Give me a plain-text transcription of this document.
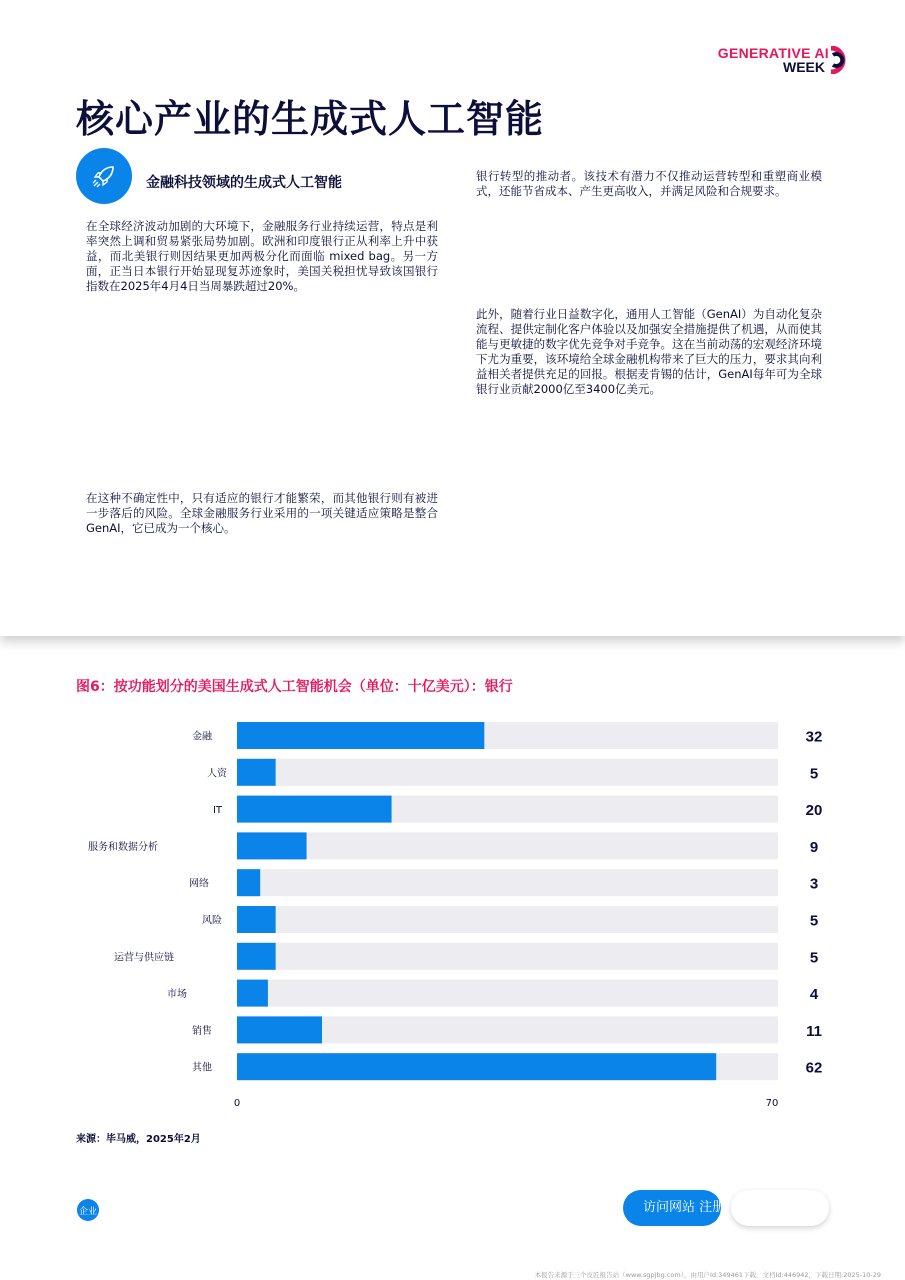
GENERATIVE AI
WEEK
核心产业的生成式人工智能
金融科技领域的生成式人工智能

在全球经济波动加剧的大环境下，金融服务行业持续运营，特点是利率突然上调和贸易紧张局势加剧。欧洲和印度银行正从利率上升中获益，而北美银行则因结果更加两极分化而面临 mixed bag。另一方面，正当日本银行开始显现复苏迹象时，美国关税担忧导致该国银行指数在2025年4月4日当周暴跌超过20%。

在这种不确定性中，只有适应的银行才能繁荣，而其他银行则有被进一步落后的风险。全球金融服务行业采用的一项关键适应策略是整合GenAI，它已成为一个核心。

银行转型的推动者。该技术有潜力不仅推动运营转型和重塑商业模式，还能节省成本、产生更高收入，并满足风险和合规要求。

此外，随着行业日益数字化，通用人工智能（GenAI）为自动化复杂流程、提供定制化客户体验以及加强安全措施提供了机遇，从而使其能与更敏捷的数字优先竞争对手竞争。这在当前动荡的宏观经济环境下尤为重要，该环境给全球金融机构带来了巨大的压力，要求其向利益相关者提供充足的回报。根据麦肯锡的估计，GenAI每年可为全球银行业贡献2000亿至3400亿美元。

图6：按功能划分的美国生成式人工智能机会（单位：十亿美元）：银行
金融	32
人资	5
IT	20
服务和数据分析	9
网络	3
风险	5
运营与供应链	5
市场	4
销售	11
其他	62
0	70
来源：毕马威，2025年2月
企业	访问网站 注册
本报告来源于三个皮匠报告站（www.sgpjbg.com），由用户Id:349461下载，文档Id:446942，下载日期:2025-10-29
